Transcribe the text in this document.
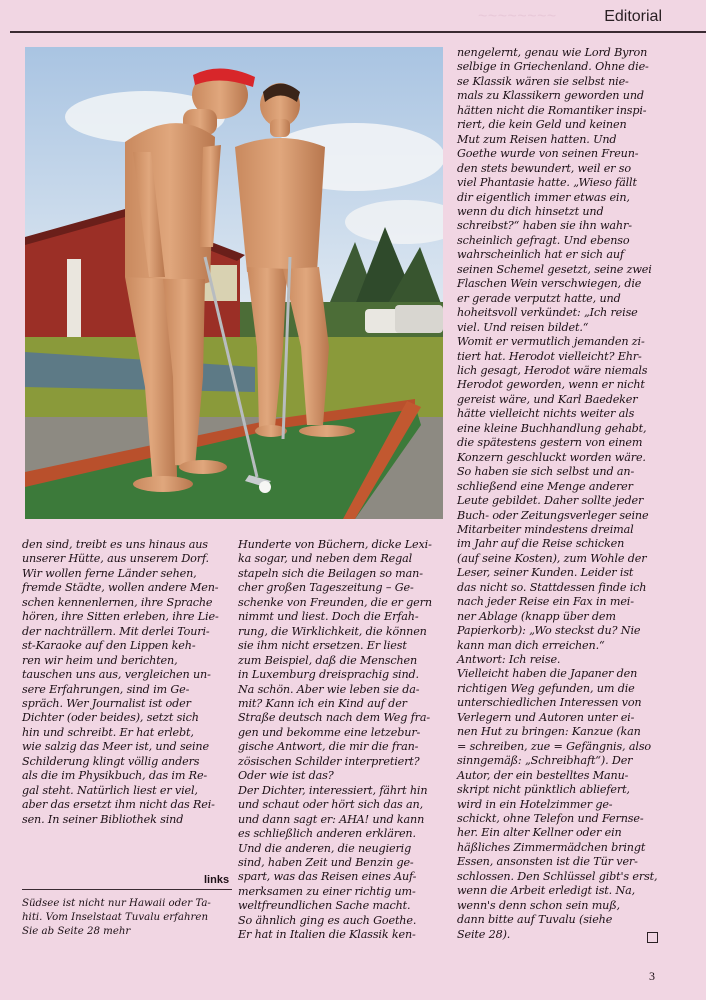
~~~~~~~~	Editorial
den sind, treibt es uns hinaus aus
unserer Hütte, aus unserem Dorf.
Wir wollen ferne Länder sehen,
fremde Städte, wollen andere Men-
schen kennenlernen, ihre Sprache
hören, ihre Sitten erleben, ihre Lie-
der nachträllern. Mit derlei Touri-
st-Karaoke auf den Lippen keh-
ren wir heim und berichten,
tauschen uns aus, vergleichen un-
sere Erfahrungen, sind im Ge-
spräch. Wer Journalist ist oder
Dichter (oder beides), setzt sich
hin und schreibt. Er hat erlebt,
wie salzig das Meer ist, und seine
Schilderung klingt völlig anders
als die im Physikbuch, das im Re-
gal steht. Natürlich liest er viel,
aber das ersetzt ihm nicht das Rei-
sen. In seiner Bibliothek sind
Hunderte von Büchern, dicke Lexi-
ka sogar, und neben dem Regal
stapeln sich die Beilagen so man-
cher großen Tageszeitung – Ge-
schenke von Freunden, die er gern
nimmt und liest. Doch die Erfah-
rung, die Wirklichkeit, die können
sie ihm nicht ersetzen. Er liest
zum Beispiel, daß die Menschen
in Luxemburg dreisprachig sind.
Na schön. Aber wie leben sie da-
mit? Kann ich ein Kind auf der
Straße deutsch nach dem Weg fra-
gen und bekomme eine letzebur-
gische Antwort, die mir die fran-
zösischen Schilder interpretiert?
Oder wie ist das?
Der Dichter, interessiert, fährt hin
und schaut oder hört sich das an,
und dann sagt er: AHA! und kann
es schließlich anderen erklären.
Und die anderen, die neugierig
sind, haben Zeit und Benzin ge-
spart, was das Reisen eines Auf-
merksamen zu einer richtig um-
weltfreundlichen Sache macht.
So ähnlich ging es auch Goethe.
Er hat in Italien die Klassik ken-
nengelernt, genau wie Lord Byron
selbige in Griechenland. Ohne die-
se Klassik wären sie selbst nie-
mals zu Klassikern geworden und
hätten nicht die Romantiker inspi-
riert, die kein Geld und keinen
Mut zum Reisen hatten. Und
Goethe wurde von seinen Freun-
den stets bewundert, weil er so
viel Phantasie hatte. „Wieso fällt
dir eigentlich immer etwas ein,
wenn du dich hinsetzt und
schreibst?“ haben sie ihn wahr-
scheinlich gefragt. Und ebenso
wahrscheinlich hat er sich auf
seinen Schemel gesetzt, seine zwei
Flaschen Wein verschwiegen, die
er gerade verputzt hatte, und
hoheitsvoll verkündet: „Ich reise
viel. Und reisen bildet.“
Womit er vermutlich jemanden zi-
tiert hat. Herodot vielleicht? Ehr-
lich gesagt, Herodot wäre niemals
Herodot geworden, wenn er nicht
gereist wäre, und Karl Baedeker
hätte vielleicht nichts weiter als
eine kleine Buchhandlung gehabt,
die spätestens gestern von einem
Konzern geschluckt worden wäre.
So haben sie sich selbst und an-
schließend eine Menge anderer
Leute gebildet. Daher sollte jeder
Buch- oder Zeitungsverleger seine
Mitarbeiter mindestens dreimal
im Jahr auf die Reise schicken
(auf seine Kosten), zum Wohle der
Leser, seiner Kunden. Leider ist
das nicht so. Stattdessen finde ich
nach jeder Reise ein Fax in mei-
ner Ablage (knapp über dem
Papierkorb): „Wo steckst du? Nie
kann man dich erreichen.“
Antwort: Ich reise.
Vielleicht haben die Japaner den
richtigen Weg gefunden, um die
unterschiedlichen Interessen von
Verlegern und Autoren unter ei-
nen Hut zu bringen: Kanzue (kan
= schreiben, zue = Gefängnis, also
sinngemäß: „Schreibhaft“). Der
Autor, der ein bestelltes Manu-
skript nicht pünktlich abliefert,
wird in ein Hotelzimmer ge-
schickt, ohne Telefon und Fernse-
her. Ein alter Kellner oder ein
häßliches Zimmermädchen bringt
Essen, ansonsten ist die Tür ver-
schlossen. Den Schlüssel gibt's erst,
wenn die Arbeit erledigt ist. Na,
wenn's denn schon sein muß,
dann bitte auf Tuvalu (siehe
Seite 28).
links
Südsee ist nicht nur Hawaii oder Ta-
hiti. Vom Inselstaat Tuvalu erfahren
Sie ab Seite 28 mehr
3
